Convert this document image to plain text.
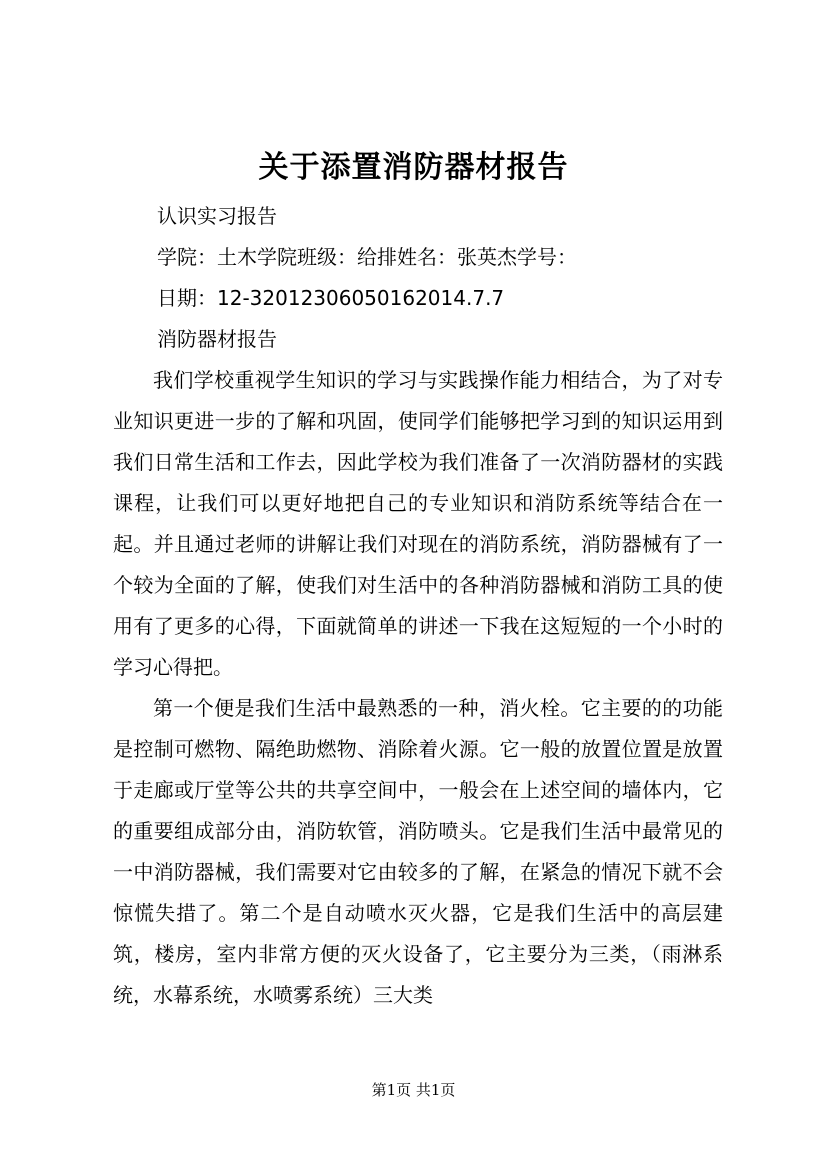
关于添置消防器材报告

认识实习报告

学院：土木学院班级：给排姓名：张英杰学号：

日期：12-32012306050162014.7.7

消防器材报告

我们学校重视学生知识的学习与实践操作能力相结合，为了对专业知识更进一步的了解和巩固，使同学们能够把学习到的知识运用到我们日常生活和工作去，因此学校为我们准备了一次消防器材的实践课程，让我们可以更好地把自己的专业知识和消防系统等结合在一起。并且通过老师的讲解让我们对现在的消防系统，消防器械有了一个较为全面的了解，使我们对生活中的各种消防器械和消防工具的使用有了更多的心得，下面就简单的讲述一下我在这短短的一个小时的学习心得把。

第一个便是我们生活中最熟悉的一种，消火栓。它主要的的功能是控制可燃物、隔绝助燃物、消除着火源。它一般的放置位置是放置于走廊或厅堂等公共的共享空间中，一般会在上述空间的墙体内，它的重要组成部分由，消防软管，消防喷头。它是我们生活中最常见的一中消防器械，我们需要对它由较多的了解，在紧急的情况下就不会惊慌失措了。第二个是自动喷水灭火器，它是我们生活中的高层建筑，楼房，室内非常方便的灭火设备了，它主要分为三类，（雨淋系统，水幕系统，水喷雾系统）三大类

第1页 共1页
